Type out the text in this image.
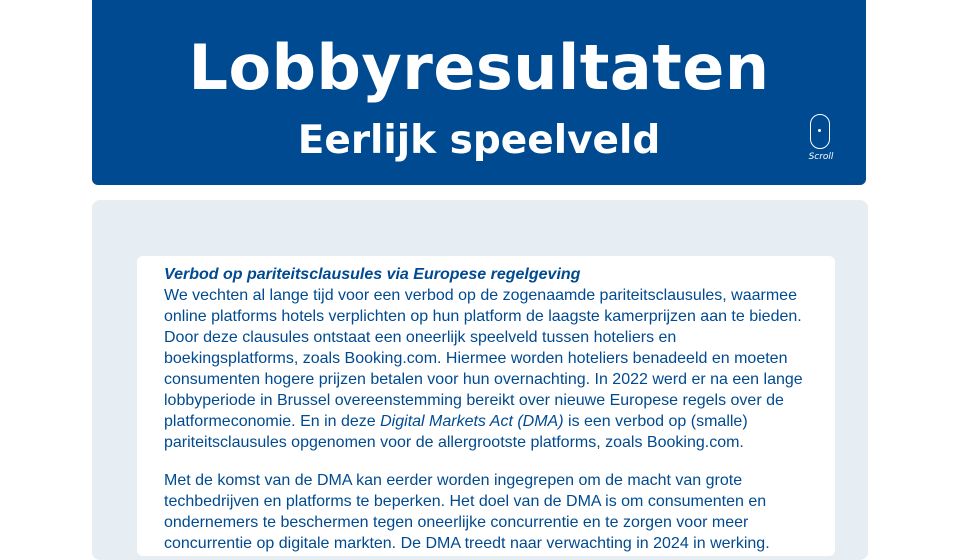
Lobbyresultaten
Eerlijk speelveld	Scroll
Verbod op pariteitsclausules via Europese regelgeving

We vechten al lange tijd voor een verbod op de zogenaamde pariteitsclausules, waarmee online platforms hotels verplichten op hun platform de laagste kamerprijzen aan te bieden. Door deze clausules ontstaat een oneerlijk speelveld tussen hoteliers en boekingsplatforms, zoals Booking.com. Hiermee worden hoteliers benadeeld en moeten consumenten hogere prijzen betalen voor hun overnachting. In 2022 werd er na een lange lobbyperiode in Brussel overeenstemming bereikt over nieuwe Europese regels over de platformeconomie. En in deze Digital Markets Act (DMA) is een verbod op (smalle) pariteitsclausules opgenomen voor de allergrootste platforms, zoals Booking.com.

Met de komst van de DMA kan eerder worden ingegrepen om de macht van grote techbedrijven en platforms te beperken. Het doel van de DMA is om consumenten en ondernemers te beschermen tegen oneerlijke concurrentie en te zorgen voor meer concurrentie op digitale markten. De DMA treedt naar verwachting in 2024 in werking.
